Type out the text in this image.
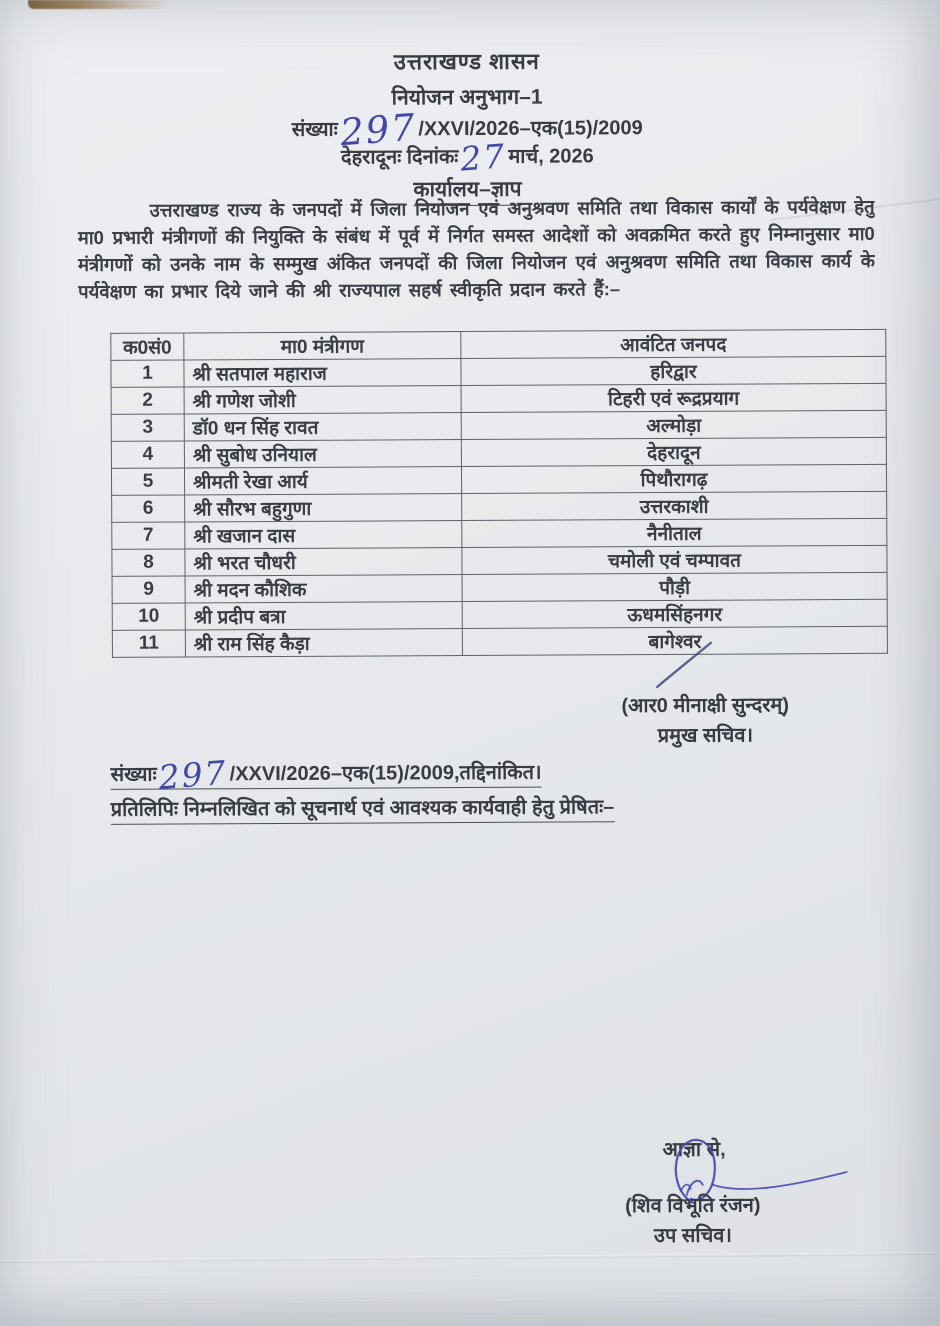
उत्तराखण्ड शासन
नियोजन अनुभाग–1
संख्याः297/XXVI/2026–एक(15)/2009
देहरादूनः दिनांकः27मार्च, 2026
कार्यालय–ज्ञाप
उत्तराखण्ड राज्य के जनपदों में जिला नियोजन एवं अनुश्रवण समिति तथा विकास कार्यों के पर्यवेक्षण हेतु मा0 प्रभारी मंत्रीगणों की नियुक्ति के संबंध में पूर्व में निर्गत समस्त आदेशों को अवक्रमित करते हुए निम्नानुसार मा0 मंत्रीगणों को उनके नाम के सम्मुख अंकित जनपदों की जिला नियोजन एवं अनुश्रवण समिति तथा विकास कार्य के पर्यवेक्षण का प्रभार दिये जाने की श्री राज्यपाल सहर्ष स्वीकृति प्रदान करते हैं:–
क0सं0	मा0 मंत्रीगण	आवंटित जनपद
1	श्री सतपाल महाराज	हरिद्वार
2	श्री गणेश जोशी	टिहरी एवं रूद्रप्रयाग
3	डॉ0 धन सिंह रावत	अल्मोड़ा
4	श्री सुबोध उनियाल	देहरादून
5	श्रीमती रेखा आर्य	पिथौरागढ़
6	श्री सौरभ बहुगुणा	उत्तरकाशी
7	श्री खजान दास	नैनीताल
8	श्री भरत चौधरी	चमोली एवं चम्पावत
9	श्री मदन कौशिक	पौड़ी
10	श्री प्रदीप बत्रा	ऊधमसिंहनगर
11	श्री राम सिंह कैड़ा	बागेश्वर
(आर0 मीनाक्षी सुन्दरम्)
प्रमुख सचिव।
संख्याः297/XXVI/2026–एक(15)/2009,तद्दिनांकित।
प्रतिलिपिः निम्नलिखित को सूचनार्थ एवं आवश्यक कार्यवाही हेतु प्रेषितः–
आज्ञा से,
(शिव विभूति रंजन)
उप सचिव।
